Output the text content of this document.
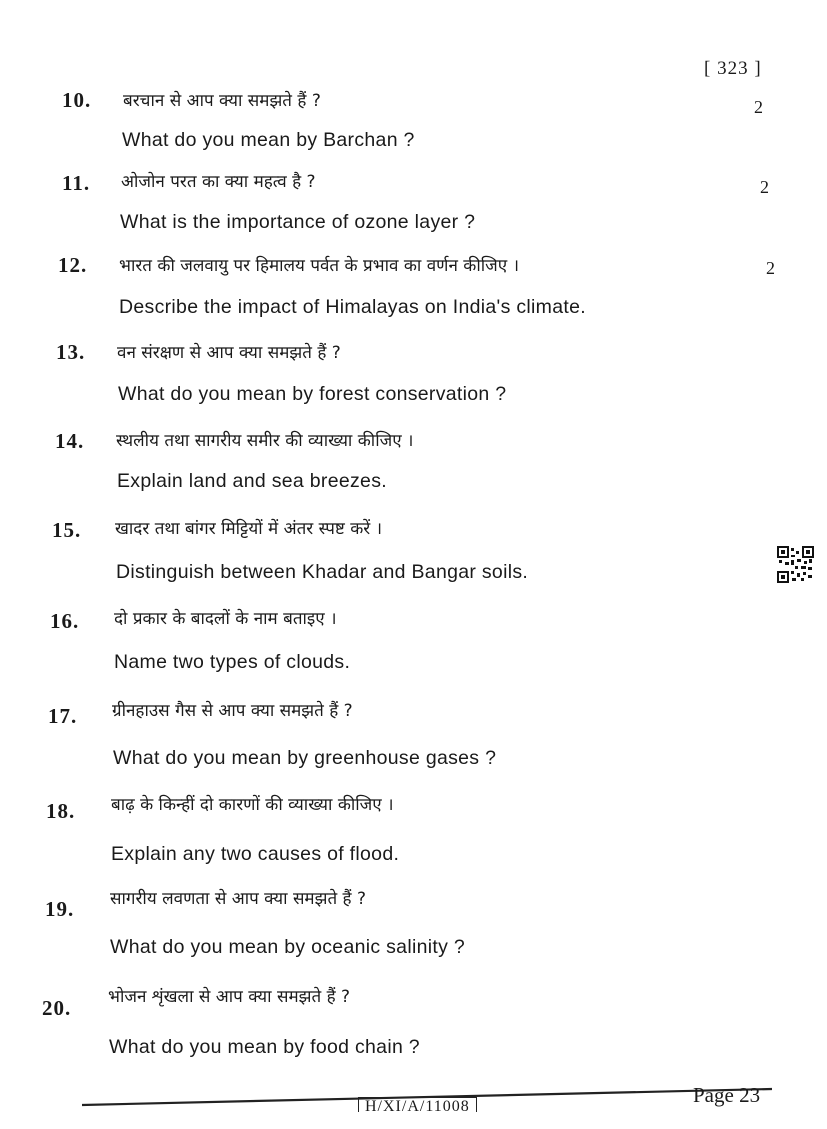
[ 323 ]
10. बरचान से आप क्या समझते हैं ?	2
What do you mean by Barchan ?
11. ओजोन परत का क्या महत्व है ?	2
What is the importance of ozone layer ?
12. भारत की जलवायु पर हिमालय पर्वत के प्रभाव का वर्णन कीजिए ।	2
Describe the impact of Himalayas on India's climate.
13. वन संरक्षण से आप क्या समझते हैं ?
What do you mean by forest conservation ?
14. स्थलीय तथा सागरीय समीर की व्याख्या कीजिए ।
Explain land and sea breezes.
15. खादर तथा बांगर मिट्टियों में अंतर स्पष्ट करें ।
Distinguish between Khadar and Bangar soils.
16. दो प्रकार के बादलों के नाम बताइए ।
Name two types of clouds.
17. ग्रीनहाउस गैस से आप क्या समझते हैं ?
What do you mean by greenhouse gases ?
18. बाढ़ के किन्हीं दो कारणों की व्याख्या कीजिए ।
Explain any two causes of flood.
19. सागरीय लवणता से आप क्या समझते हैं ?
What do you mean by oceanic salinity ?
20. भोजन शृंखला से आप क्या समझते हैं ?
What do you mean by food chain ?
H/XI/A/11008	Page 23
